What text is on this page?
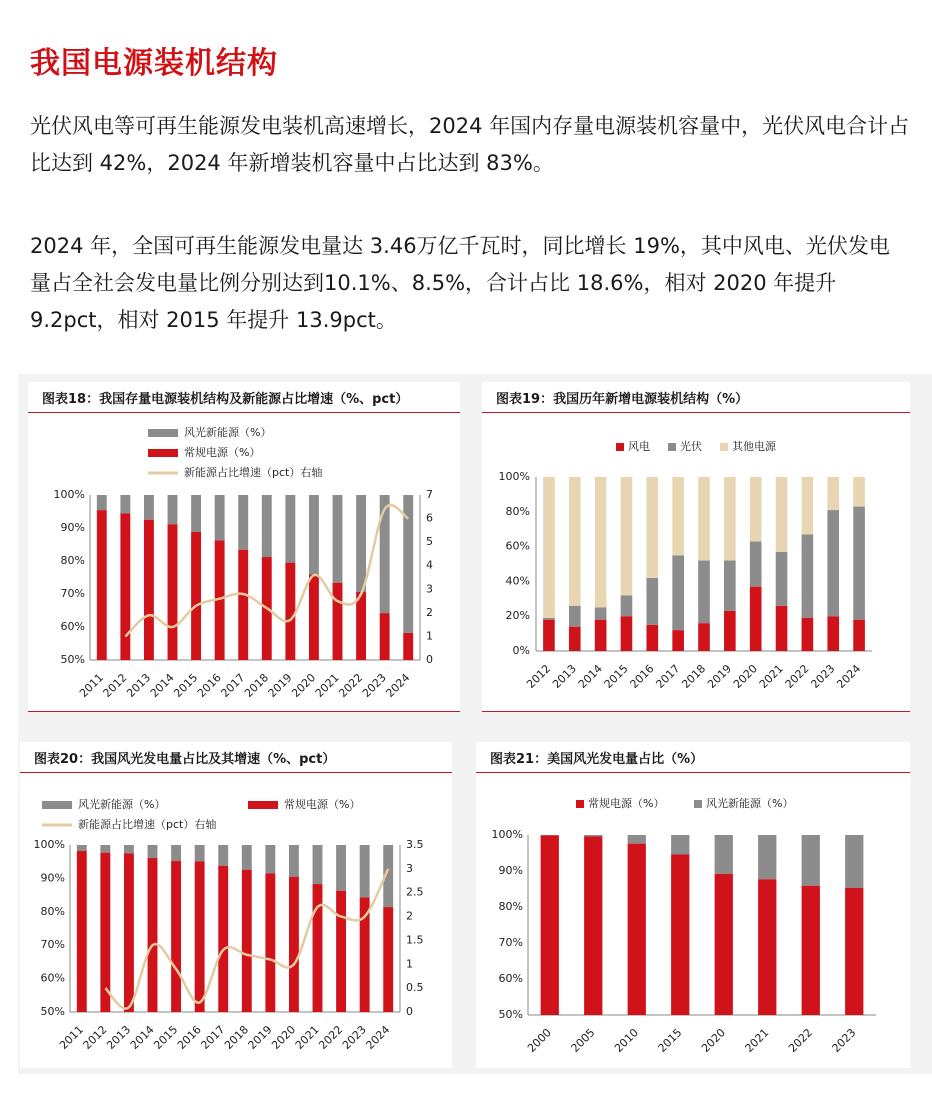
我国电源装机结构
光伏风电等可再生能源发电装机高速增长，2024 年国内存量电源装机容量中，光伏风电合计占比达到 42%，2024 年新增装机容量中占比达到 83%。
2024 年，全国可再生能源发电量达 3.46万亿千瓦时，同比增长 19%，其中风电、光伏发电量占全社会发电量比例分别达到10.1%、8.5%，合计占比 18.6%，相对 2020 年提升 9.2pct，相对 2015 年提升 13.9pct。
图表18：我国存量电源装机结构及新能源占比增速（%、pct）
风光新能源（%）
常规电源（%）
新能源占比增速（pct）右轴
50%
60%
70%
80%
90%
100%
0
1
2
3
4
5
6
7
2011
2012
2013
2014
2015
2016
2017
2018
2019
2020
2021
2022
2023
2024
图表19：我国历年新增电源装机结构（%）
风电	光伏	其他电源
0%
20%
40%
60%
80%
100%
2012
2013
2014
2015
2016
2017
2018
2019
2020
2021
2022
2023
2024
图表20：我国风光发电量占比及其增速（%、pct）
风光新能源（%）	常规电源（%）
新能源占比增速（pct）右轴
50%
60%
70%
80%
90%
100%
0
0.5
1
1.5
2
2.5
3
3.5
2011
2012
2013
2014
2015
2016
2017
2018
2019
2020
2021
2022
2023
2024
图表21：美国风光发电量占比（%）
常规电源（%）	风光新能源（%）
50%
60%
70%
80%
90%
100%
2000 2005 2010 2015 2020 2021 2022 2023
